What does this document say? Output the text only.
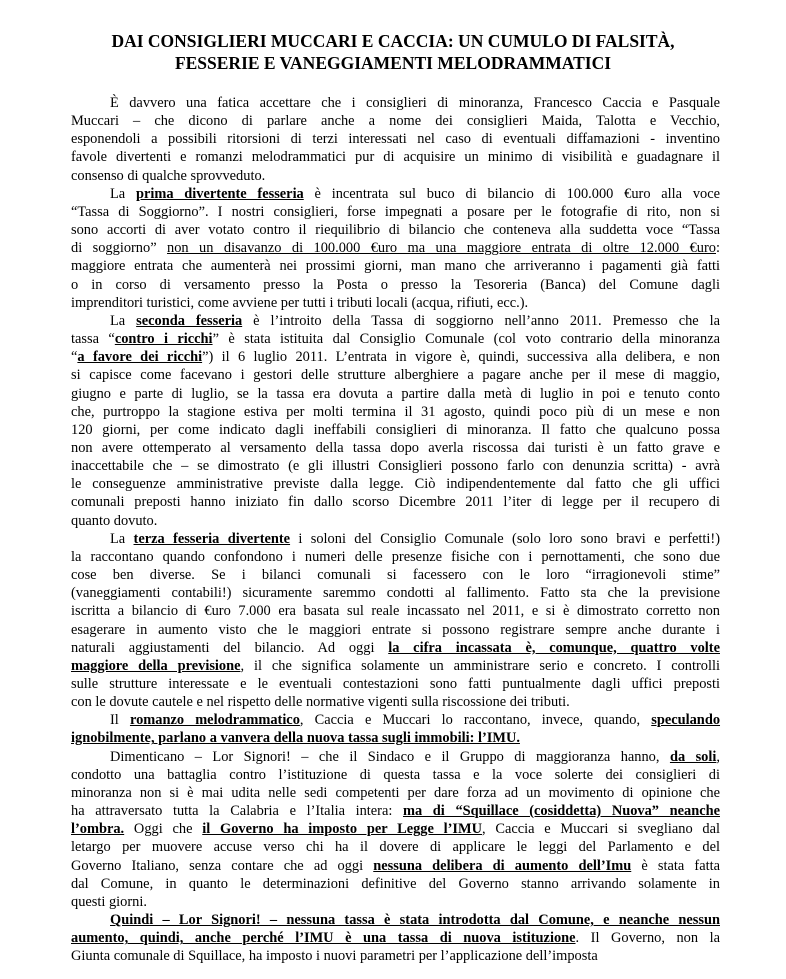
DAI CONSIGLIERI MUCCARI E CACCIA: UN CUMULO DI FALSITÀ,
FESSERIE E VANEGGIAMENTI MELODRAMMATICI
È davvero una fatica accettare che i consiglieri di minoranza, Francesco Caccia e Pasquale
Muccari – che dicono di parlare anche a nome dei consiglieri Maida, Talotta e Vecchio,
esponendoli a possibili ritorsioni di terzi interessati nel caso di eventuali diffamazioni - inventino
favole divertenti e romanzi melodrammatici pur di acquisire un minimo di visibilità e guadagnare il
consenso di qualche sprovveduto.
La prima divertente fesseria è incentrata sul buco di bilancio di 100.000 €uro alla voce
“Tassa di Soggiorno”. I nostri consiglieri, forse impegnati a posare per le fotografie di rito, non si
sono accorti di aver votato contro il riequilibrio di bilancio che conteneva alla suddetta voce “Tassa
di soggiorno” non un disavanzo di 100.000 €uro ma una maggiore entrata di oltre 12.000 €uro:
maggiore entrata che aumenterà nei prossimi giorni, man mano che arriveranno i pagamenti già fatti
o in corso di versamento presso la Posta o presso la Tesoreria (Banca) del Comune dagli
imprenditori turistici, come avviene per tutti i tributi locali (acqua, rifiuti, ecc.).
La seconda fesseria è l’introito della Tassa di soggiorno nell’anno 2011. Premesso che la
tassa “contro i ricchi” è stata istituita dal Consiglio Comunale (col voto contrario della minoranza
“a favore dei ricchi”) il 6 luglio 2011. L’entrata in vigore è, quindi, successiva alla delibera, e non
si capisce come facevano i gestori delle strutture alberghiere a pagare anche per il mese di maggio,
giugno e parte di luglio, se la tassa era dovuta a partire dalla metà di luglio in poi e tenuto conto
che, purtroppo la stagione estiva per molti termina il 31 agosto, quindi poco più di un mese e non
120 giorni, per come indicato dagli ineffabili consiglieri di minoranza. Il fatto che qualcuno possa
non avere ottemperato al versamento della tassa dopo averla riscossa dai turisti è un fatto grave e
inaccettabile che – se dimostrato (e gli illustri Consiglieri possono farlo con denunzia scritta) - avrà
le conseguenze amministrative previste dalla legge. Ciò indipendentemente dal fatto che gli uffici
comunali preposti hanno iniziato fin dallo scorso Dicembre 2011 l’iter di legge per il recupero di
quanto dovuto.
La terza fesseria divertente i soloni del Consiglio Comunale (solo loro sono bravi e perfetti!)
la raccontano quando confondono i numeri delle presenze fisiche con i pernottamenti, che sono due
cose ben diverse. Se i bilanci comunali si facessero con le loro “irragionevoli stime”
(vaneggiamenti contabili!) sicuramente saremmo condotti al fallimento. Fatto sta che la previsione
iscritta a bilancio di €uro 7.000 era basata sul reale incassato nel 2011, e si è dimostrato corretto non
esagerare in aumento visto che le maggiori entrate si possono registrare sempre anche durante i
naturali aggiustamenti del bilancio. Ad oggi la cifra incassata è, comunque, quattro volte
maggiore della previsione, il che significa solamente un amministrare serio e concreto. I controlli
sulle strutture interessate e le eventuali contestazioni sono fatti puntualmente dagli uffici preposti
con le dovute cautele e nel rispetto delle normative vigenti sulla riscossione dei tributi.
Il romanzo melodrammatico, Caccia e Muccari lo raccontano, invece, quando, speculando
ignobilmente, parlano a vanvera della nuova tassa sugli immobili: l’IMU.
Dimenticano – Lor Signori! – che il Sindaco e il Gruppo di maggioranza hanno, da soli,
condotto una battaglia contro l’istituzione di questa tassa e la voce solerte dei consiglieri di
minoranza non si è mai udita nelle sedi competenti per dare forza ad un movimento di opinione che
ha attraversato tutta la Calabria e l’Italia intera: ma di “Squillace (cosiddetta) Nuova” neanche
l’ombra. Oggi che il Governo ha imposto per Legge l’IMU, Caccia e Muccari si svegliano dal
letargo per muovere accuse verso chi ha il dovere di applicare le leggi del Parlamento e del
Governo Italiano, senza contare che ad oggi nessuna delibera di aumento dell’Imu è stata fatta
dal Comune, in quanto le determinazioni definitive del Governo stanno arrivando solamente in
questi giorni.
Quindi – Lor Signori! – nessuna tassa è stata introdotta dal Comune, e neanche nessun
aumento, quindi, anche perché l’IMU è una tassa di nuova istituzione. Il Governo, non la
Giunta comunale di Squillace, ha imposto i nuovi parametri per l’applicazione dell’imposta
